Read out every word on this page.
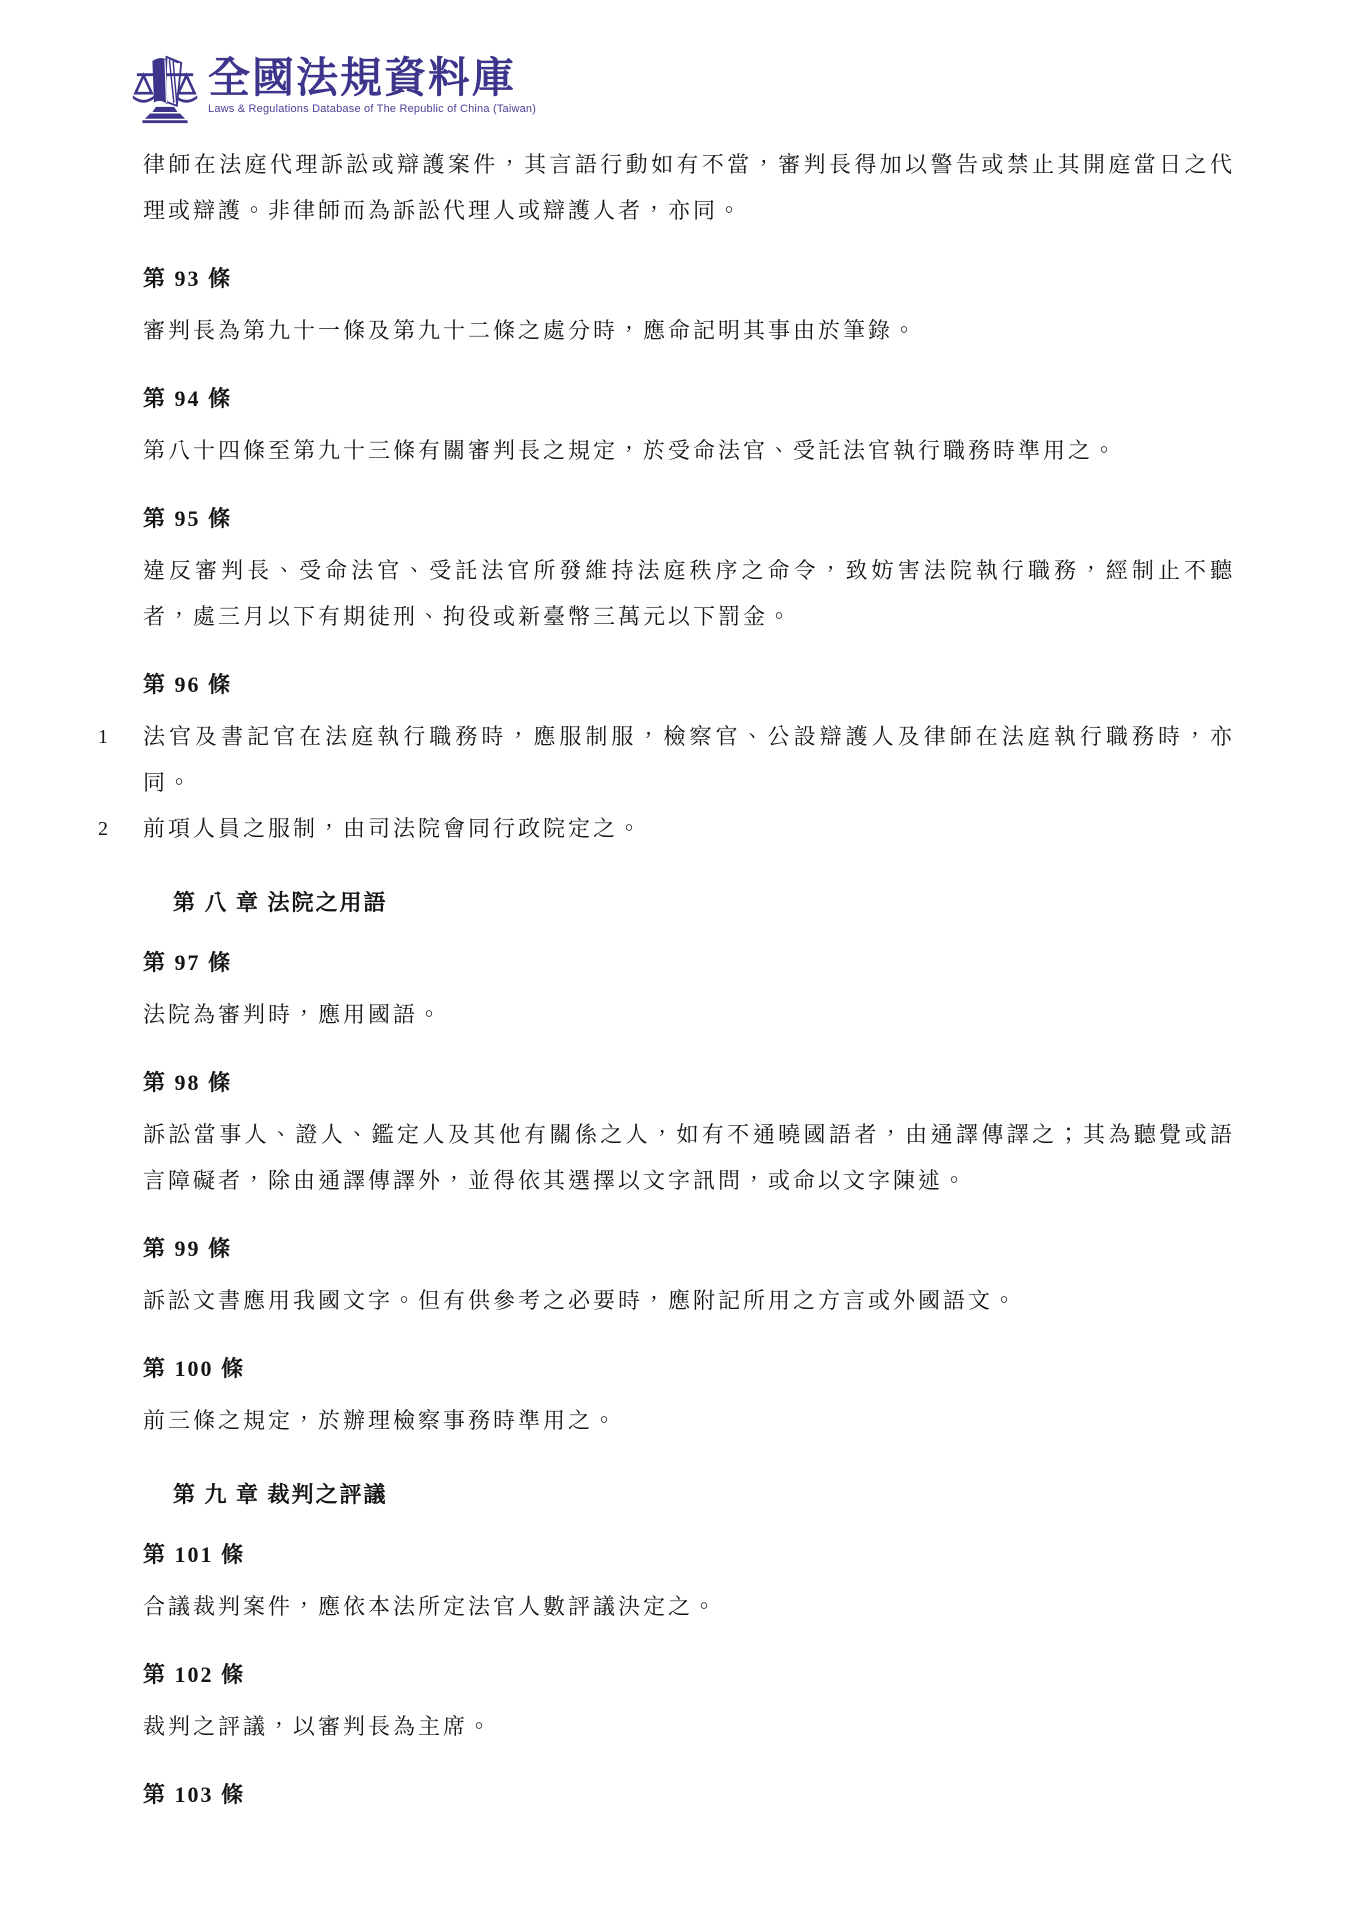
全國法規資料庫
Laws & Regulations Database of The Republic of China (Taiwan)

律師在法庭代理訴訟或辯護案件，其言語行動如有不當，審判長得加以警告或禁止其開庭當日之代理或辯護。非律師而為訴訟代理人或辯護人者，亦同。

第 93 條
審判長為第九十一條及第九十二條之處分時，應命記明其事由於筆錄。
第 94 條
第八十四條至第九十三條有關審判長之規定，於受命法官、受託法官執行職務時準用之。
第 95 條
違反審判長、受命法官、受託法官所發維持法庭秩序之命令，致妨害法院執行職務，經制止不聽者，處三月以下有期徒刑、拘役或新臺幣三萬元以下罰金。
第 96 條
1	法官及書記官在法庭執行職務時，應服制服，檢察官、公設辯護人及律師在法庭執行職務時，亦同。
2	前項人員之服制，由司法院會同行政院定之。
第 八 章 法院之用語
第 97 條
法院為審判時，應用國語。
第 98 條
訴訟當事人、證人、鑑定人及其他有關係之人，如有不通曉國語者，由通譯傳譯之；其為聽覺或語言障礙者，除由通譯傳譯外，並得依其選擇以文字訊問，或命以文字陳述。
第 99 條
訴訟文書應用我國文字。但有供參考之必要時，應附記所用之方言或外國語文。
第 100 條
前三條之規定，於辦理檢察事務時準用之。
第 九 章 裁判之評議
第 101 條
合議裁判案件，應依本法所定法官人數評議決定之。
第 102 條
裁判之評議，以審判長為主席。
第 103 條
